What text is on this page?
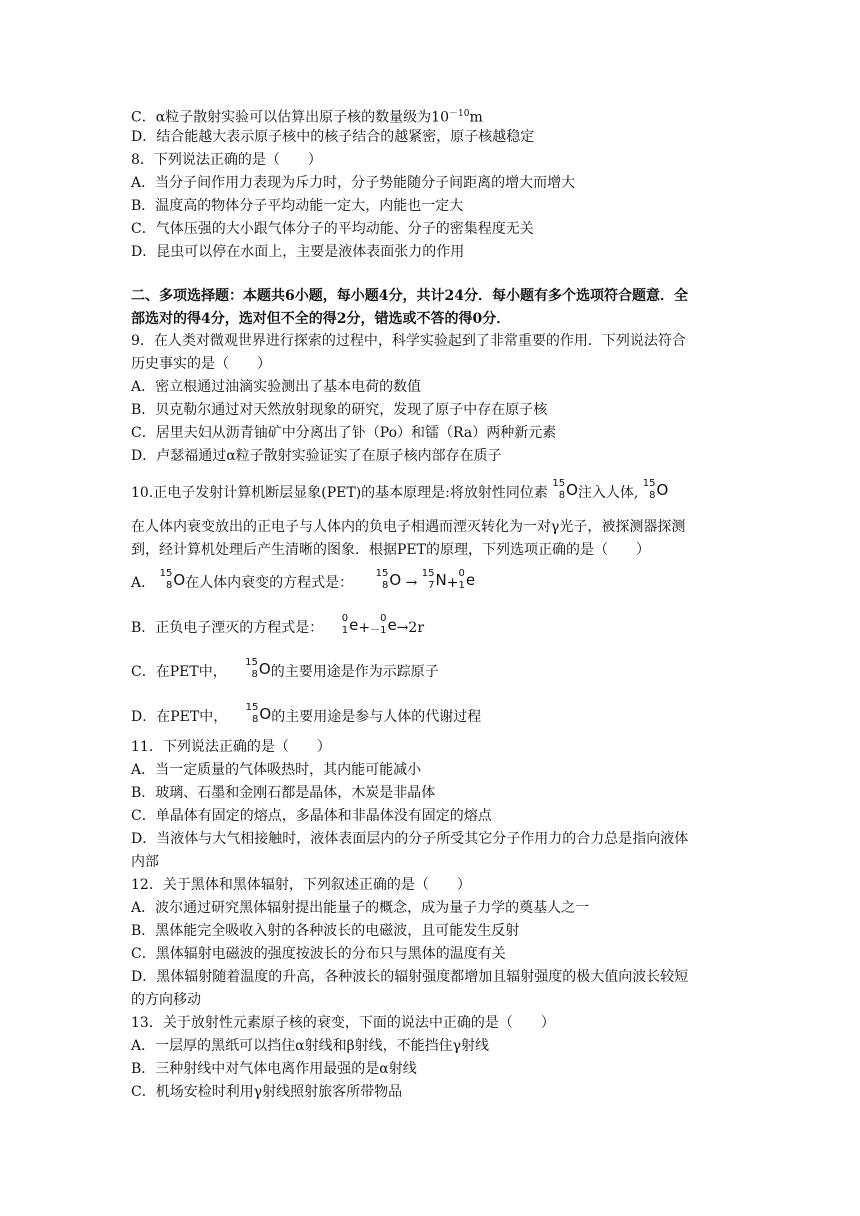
C．α粒子散射实验可以估算出原子核的数量级为$10^{-10}m$
D．结合能越大表示原子核中的核子结合的越紧密，原子核越稳定
8．下列说法正确的是（　　）
A．当分子间作用力表现为斥力时，分子势能随分子间距离的增大而增大
B．温度高的物体分子平均动能一定大，内能也一定大
C．气体压强的大小跟气体分子的平均动能、分子的密集程度无关
D．昆虫可以停在水面上，主要是液体表面张力的作用
二、多项选择题：本题共6小题，每小题4分，共计24分．每小题有多个选项符合题意．全
部选对的得4分，选对但不全的得2分，错选或不答的得0分．
9．在人类对微观世界进行探索的过程中，科学实验起到了非常重要的作用．下列说法符合
历史事实的是（　　）
A．密立根通过油滴实验测出了基本电荷的数值
B．贝克勒尔通过对天然放射现象的研究，发现了原子中存在原子核
C．居里夫妇从沥青铀矿中分离出了钋（Po）和镭（Ra）两种新元素
D．卢瑟福通过α粒子散射实验证实了在原子核内部存在质子
10.正电子发射计算机断层显象(PET)的基本原理是:将放射性同位素
15
8 O注入人体,
15
8 O
在人体内衰变放出的正电子与人体内的负电子相遇而湮灭转化为一对γ光子，被探测器探测
到，经计算机处理后产生清晰的图象．根据PET的原理，下列选项正确的是（　　）
A．
15
8 O在人体内衰变的方程式是：
15
8 O →
15
7 N+
0
1 e
B．正负电子湮灭的方程式是：
0
1 e+
0
－1 e→2r
C．在PET中，
15
8 O的主要用途是作为示踪原子
D．在PET中，
15
8 O的主要用途是参与人体的代谢过程
11．下列说法正确的是（　　）
A．当一定质量的气体吸热时，其内能可能减小
B．玻璃、石墨和金刚石都是晶体，木炭是非晶体
C．单晶体有固定的熔点，多晶体和非晶体没有固定的熔点
D．当液体与大气相接触时，液体表面层内的分子所受其它分子作用力的合力总是指向液体
内部
12．关于黑体和黑体辐射，下列叙述正确的是（　　）
A．波尔通过研究黑体辐射提出能量子的概念，成为量子力学的奠基人之一
B．黑体能完全吸收入射的各种波长的电磁波，且可能发生反射
C．黑体辐射电磁波的强度按波长的分布只与黑体的温度有关
D．黑体辐射随着温度的升高，各种波长的辐射强度都增加且辐射强度的极大值向波长较短
的方向移动
13．关于放射性元素原子核的衰变，下面的说法中正确的是（　　）
A．一层厚的黑纸可以挡住α射线和β射线，不能挡住γ射线
B．三种射线中对气体电离作用最强的是α射线
C．机场安检时利用γ射线照射旅客所带物品
